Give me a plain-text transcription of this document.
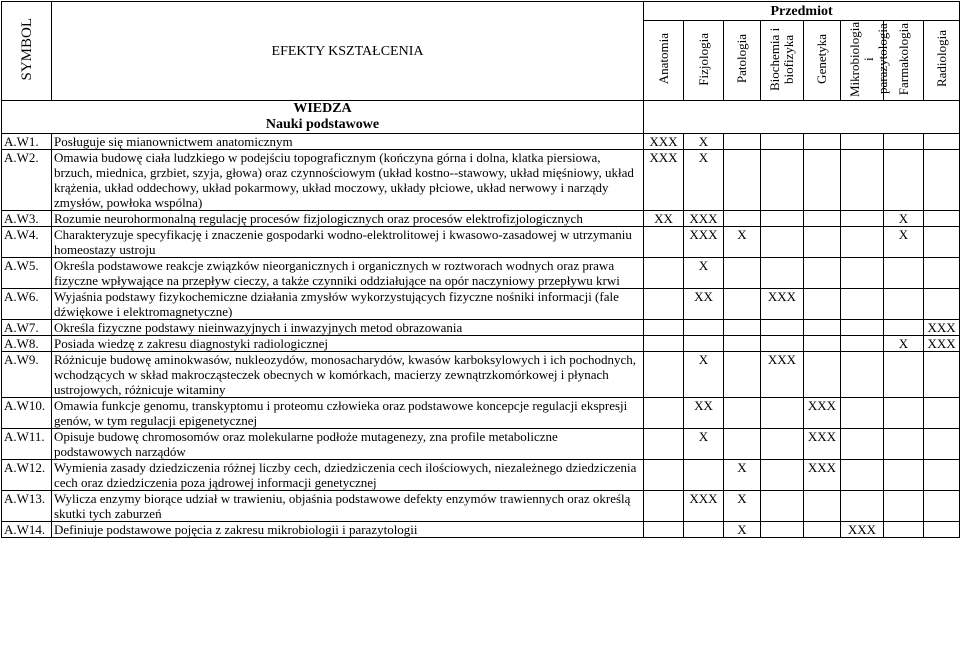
SYMBOL	EFEKTY KSZTAŁCENIA	Przedmiot							
		Anatomia	Fizjologia	Patologia	Biochemia i biofizyka	Genetyka	Mikrobiologia i parazytologia	Farmakologia	Radiologia
WIEDZA									
Nauki podstawowe									
A.W1.	Posługuje się mianownictwem anatomicznym	XXX	X						
A.W2.	Omawia budowę ciała ludzkiego w podejściu topograficznym (kończyna górna i dolna, klatka piersiowa, brzuch, miednica, grzbiet, szyja, głowa) oraz czynnościowym (układ kostno--stawowy, układ mięśniowy, układ krążenia, układ oddechowy, układ pokarmowy, układ moczowy, układy płciowe, układ nerwowy i narządy zmysłów, powłoka wspólna)	XXX	X						
A.W3.	Rozumie neurohormonalną regulację procesów fizjologicznych oraz procesów elektrofizjologicznych	XX	XXX					X	
A.W4.	Charakteryzuje specyfikację i znaczenie gospodarki wodno-elektrolitowej i kwasowo-zasadowej w utrzymaniu homeostazy ustroju		XXX	X				X	
A.W5.	Określa podstawowe reakcje związków nieorganicznych i organicznych w roztworach wodnych oraz prawa fizyczne wpływające na przepływ cieczy, a także czynniki oddziałujące na opór naczyniowy przepływu krwi		X						
A.W6.	Wyjaśnia podstawy fizykochemiczne działania zmysłów wykorzystujących fizyczne nośniki informacji (fale dźwiękowe i elektromagnetyczne)		XX		XXX				
A.W7.	Określa fizyczne podstawy nieinwazyjnych i inwazyjnych metod obrazowania								XXX
A.W8.	Posiada wiedzę z zakresu diagnostyki radiologicznej							X	XXX
A.W9.	Różnicuje budowę aminokwasów, nukleozydów, monosacharydów, kwasów karboksylowych i ich pochodnych, wchodzących w skład makrocząsteczek obecnych w komórkach, macierzy zewnątrzkomórkowej i płynach ustrojowych, różnicuje witaminy		X		XXX				
A.W10.	Omawia funkcje genomu, transkyptomu i proteomu człowieka oraz podstawowe koncepcje regulacji ekspresji genów, w tym regulacji epigenetycznej		XX			XXX			
A.W11.	Opisuje budowę chromosomów oraz molekularne podłoże mutagenezy, zna profile metaboliczne podstawowych narządów		X			XXX			
A.W12.	Wymienia zasady dziedziczenia różnej liczby cech, dziedziczenia cech ilościowych, niezależnego dziedziczenia cech oraz dziedziczenia poza jądrowej informacji genetycznej			X		XXX			
A.W13.	Wylicza enzymy biorące udział w trawieniu, objaśnia podstawowe defekty enzymów trawiennych oraz określą skutki tych zaburzeń		XXX	X					
A.W14.	Definiuje podstawowe pojęcia z zakresu mikrobiologii i parazytologii			X			XXX		
